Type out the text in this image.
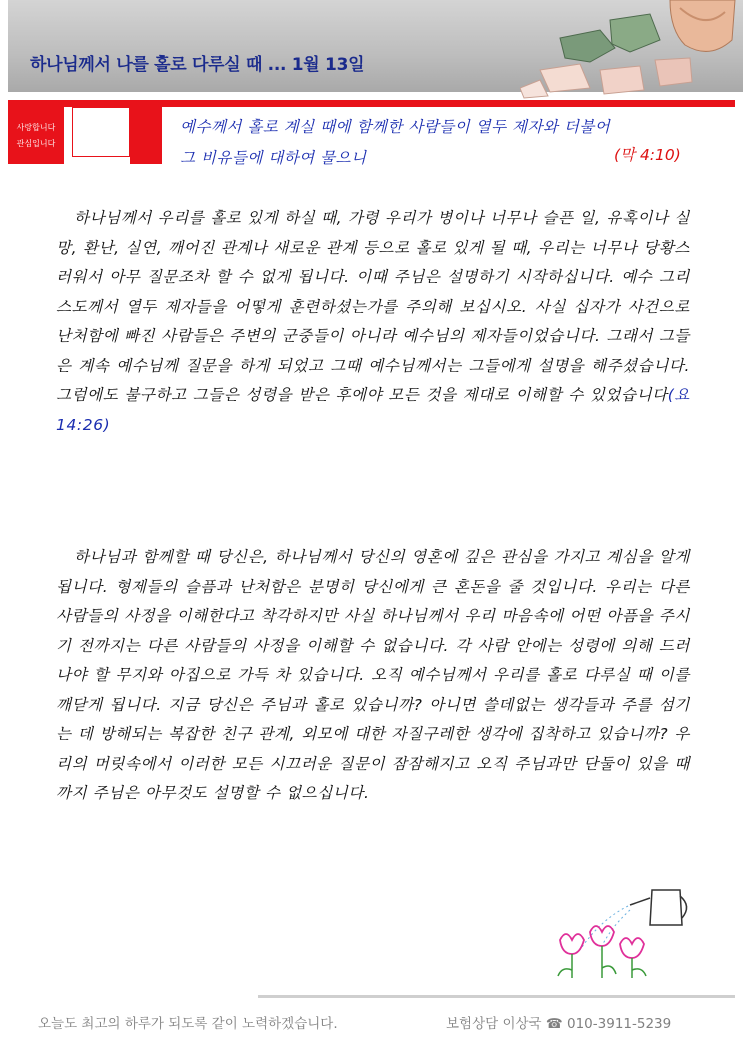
하나님께서 나를 홀로 다루실 때 ... 1월 13일
사랑합니다
관심입니다
예수께서 홀로 계실 때에 함께한 사람들이 열두 제자와 더불어
그 비유들에 대하여 물으니	(막 4:10)
하나님께서 우리를 홀로 있게 하실 때, 가령 우리가 병이나 너무나 슬픈 일, 유혹이나 실망, 환난, 실연, 깨어진 관계나 새로운 관계 등으로 홀로 있게 될 때, 우리는 너무나 당황스러워서 아무 질문조차 할 수 없게 됩니다. 이때 주님은 설명하기 시작하십니다. 예수 그리스도께서 열두 제자들을 어떻게 훈련하셨는가를 주의해 보십시오. 사실 십자가 사건으로 난처함에 빠진 사람들은 주변의 군중들이 아니라 예수님의 제자들이었습니다. 그래서 그들은 계속 예수님께 질문을 하게 되었고 그때 예수님께서는 그들에게 설명을 해주셨습니다. 그럼에도 불구하고 그들은 성령을 받은 후에야 모든 것을 제대로 이해할 수 있었습니다(요 14:26)
하나님과 함께할 때 당신은, 하나님께서 당신의 영혼에 깊은 관심을 가지고 계심을 알게 됩니다. 형제들의 슬픔과 난처함은 분명히 당신에게 큰 혼돈을 줄 것입니다. 우리는 다른 사람들의 사정을 이해한다고 착각하지만 사실 하나님께서 우리 마음속에 어떤 아픔을 주시기 전까지는 다른 사람들의 사정을 이해할 수 없습니다. 각 사람 안에는 성령에 의해 드러나야 할 무지와 아집으로 가득 차 있습니다. 오직 예수님께서 우리를 홀로 다루실 때 이를 깨닫게 됩니다. 지금 당신은 주님과 홀로 있습니까? 아니면 쓸데없는 생각들과 주를 섬기는 데 방해되는 복잡한 친구 관계, 외모에 대한 자질구레한 생각에 집착하고 있습니까? 우리의 머릿속에서 이러한 모든 시끄러운 질문이 잠잠해지고 오직 주님과만 단둘이 있을 때까지 주님은 아무것도 설명할 수 없으십니다.
오늘도 최고의 하루가 되도록 같이 노력하겠습니다.	보험상담 이상국 ☎ 010-3911-5239
